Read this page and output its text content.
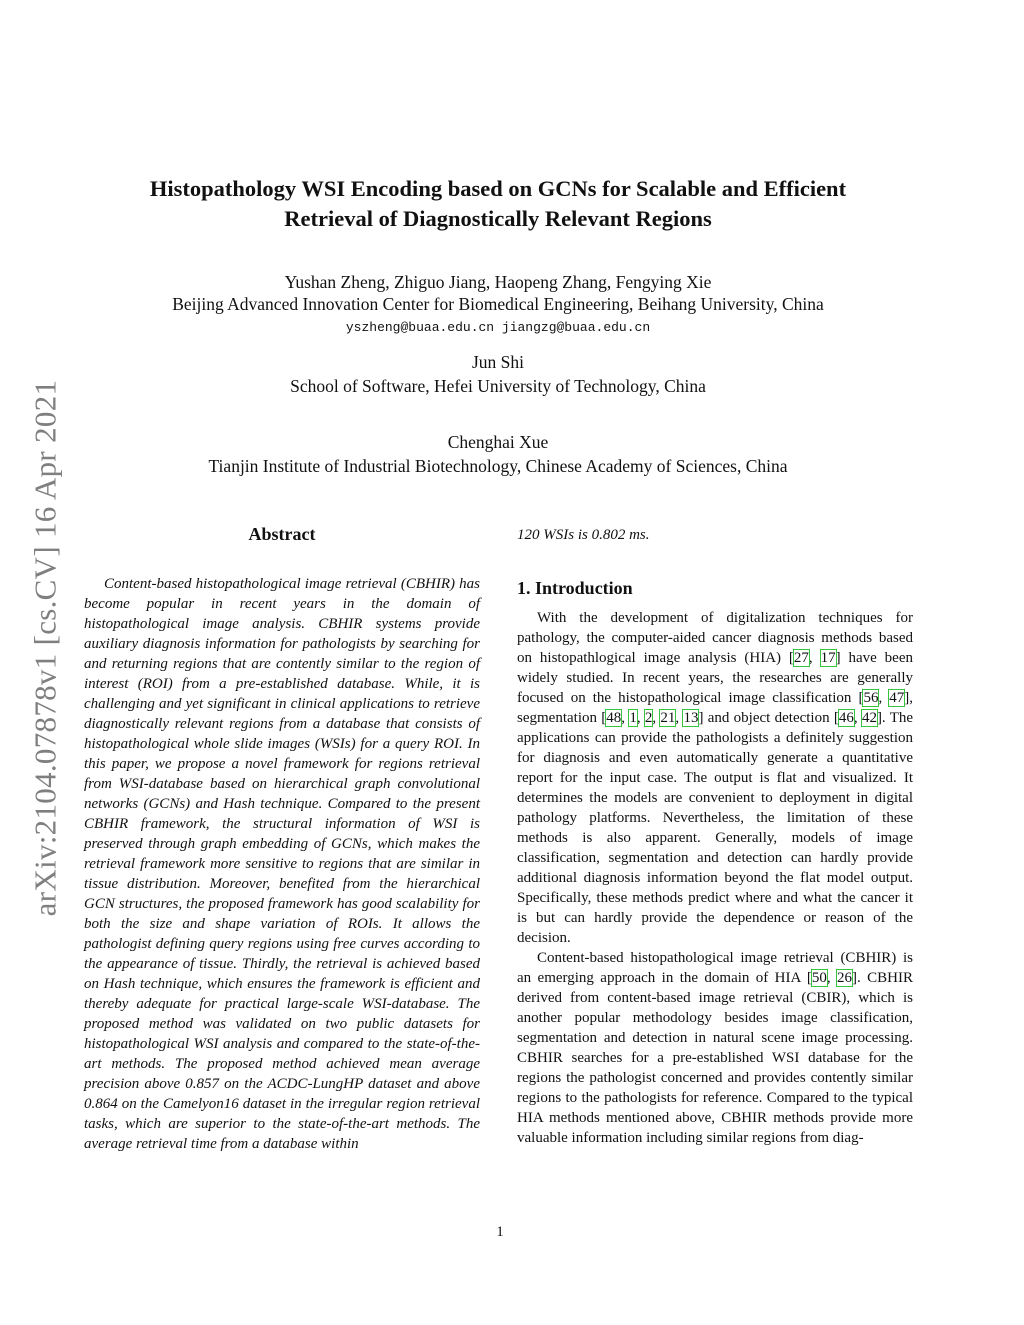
arXiv:2104.07878v1 [cs.CV] 16 Apr 2021
Histopathology WSI Encoding based on GCNs for Scalable and Efficient
Retrieval of Diagnostically Relevant Regions
Yushan Zheng, Zhiguo Jiang, Haopeng Zhang, Fengying Xie
Beijing Advanced Innovation Center for Biomedical Engineering, Beihang University, China
yszheng@buaa.edu.cn jiangzg@buaa.edu.cn
Jun Shi
School of Software, Hefei University of Technology, China
Chenghai Xue
Tianjin Institute of Industrial Biotechnology, Chinese Academy of Sciences, China
Abstract

Content-based histopathological image retrieval (CBHIR) has become popular in recent years in the domain of histopathological image analysis. CBHIR systems provide auxiliary diagnosis information for pathologists by searching for and returning regions that are contently similar to the region of interest (ROI) from a pre-established database. While, it is challenging and yet significant in clinical applications to retrieve diagnostically relevant regions from a database that consists of histopathological whole slide images (WSIs) for a query ROI. In this paper, we propose a novel framework for regions retrieval from WSI-database based on hierarchical graph convolutional networks (GCNs) and Hash technique. Compared to the present CBHIR framework, the structural information of WSI is preserved through graph embedding of GCNs, which makes the retrieval framework more sensitive to regions that are similar in tissue distribution. Moreover, benefited from the hierarchical GCN structures, the proposed framework has good scalability for both the size and shape variation of ROIs. It allows the pathologist defining query regions using free curves according to the appearance of tissue. Thirdly, the retrieval is achieved based on Hash technique, which ensures the framework is efficient and thereby adequate for practical large-scale WSI-database. The proposed method was validated on two public datasets for histopathological WSI analysis and compared to the state-of-the-art methods. The proposed method achieved mean average precision above 0.857 on the ACDC-LungHP dataset and above 0.864 on the Camelyon16 dataset in the irregular region retrieval tasks, which are superior to the state-of-the-art methods. The average retrieval time from a database within

120 WSIs is 0.802 ms.

1. Introduction

With the development of digitalization techniques for pathology, the computer-aided cancer diagnosis methods based on histopathlogical image analysis (HIA) [27, 17] have been widely studied. In recent years, the researches are generally focused on the histopathological image classification [56, 47], segmentation [48, 1, 2, 21, 13] and object detection [46, 42]. The applications can provide the pathologists a definitely suggestion for diagnosis and even automatically generate a quantitative report for the input case. The output is flat and visualized. It determines the models are convenient to deployment in digital pathology platforms. Nevertheless, the limitation of these methods is also apparent. Generally, models of image classification, segmentation and detection can hardly provide additional diagnosis information beyond the flat model output. Specifically, these methods predict where and what the cancer it is but can hardly provide the dependence or reason of the decision.

Content-based histopathological image retrieval (CBHIR) is an emerging approach in the domain of HIA [50, 26]. CBHIR derived from content-based image retrieval (CBIR), which is another popular methodology besides image classification, segmentation and detection in natural scene image processing. CBHIR searches for a pre-established WSI database for the regions the pathologist concerned and provides contently similar regions to the pathologists for reference. Compared to the typical HIA methods mentioned above, CBHIR methods provide more valuable information including similar regions from diag-

1
